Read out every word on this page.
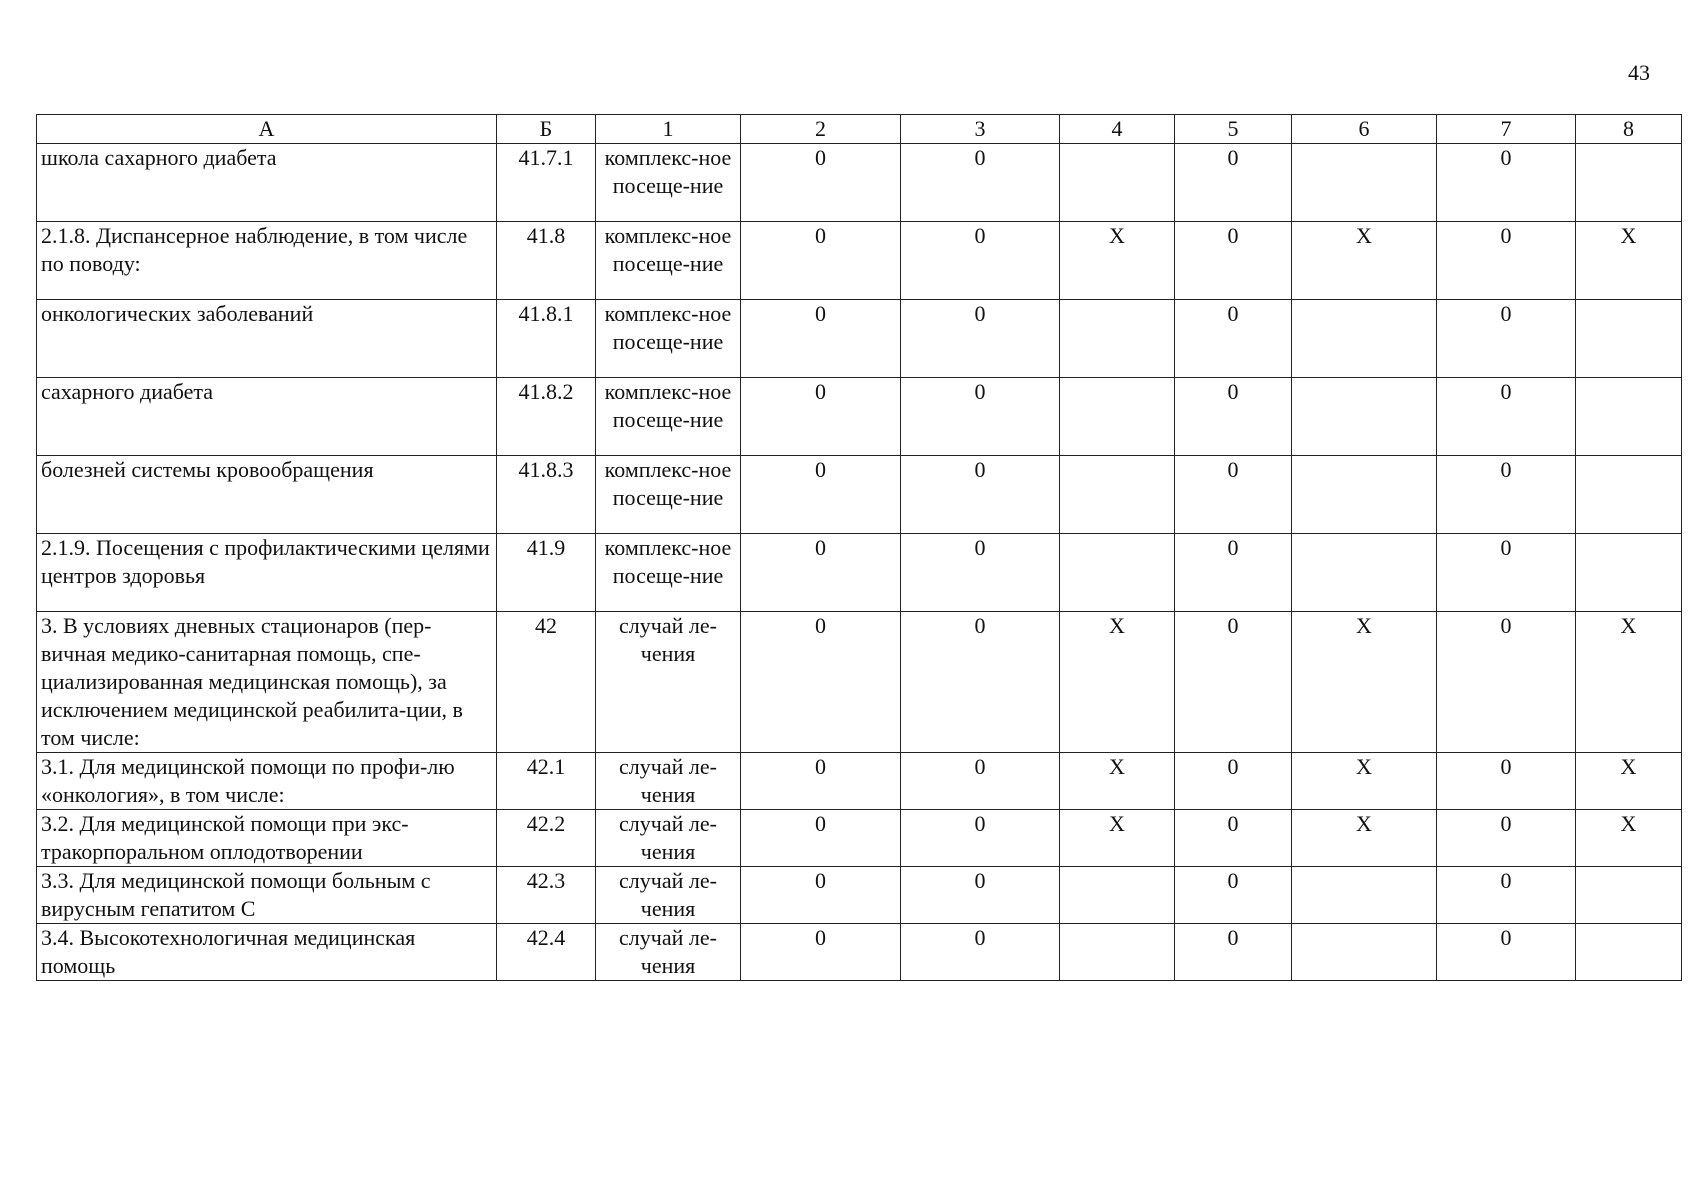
43
А	Б	1	2	3	4	5	6	7	8
школа сахарного диабета	41.7.1	комплекс-ное посеще-ние	0	0		0		0	
2.1.8. Диспансерное наблюдение, в том числе по поводу:	41.8	комплекс-ное посеще-ние	0	0	X	0	X	0	X
онкологических заболеваний	41.8.1	комплекс-ное посеще-ние	0	0		0		0	
сахарного диабета	41.8.2	комплекс-ное посеще-ние	0	0		0		0	
болезней системы кровообращения	41.8.3	комплекс-ное посеще-ние	0	0		0		0	
2.1.9. Посещения с профилактическими целями центров здоровья	41.9	комплекс-ное посеще-ние	0	0		0		0	
3. В условиях дневных стационаров (пер-вичная медико-санитарная помощь, спе-циализированная медицинская помощь), за исключением медицинской реабилита-ции, в том числе:	42	случай ле-чения	0	0	X	0	X	0	X
3.1. Для медицинской помощи по профи-лю «онкология», в том числе:	42.1	случай ле-чения	0	0	X	0	X	0	X
3.2. Для медицинской помощи при экс-тракорпоральном оплодотворении	42.2	случай ле-чения	0	0	X	0	X	0	X
3.3. Для медицинской помощи больным с вирусным гепатитом С	42.3	случай ле-чения	0	0		0		0	
3.4. Высокотехнологичная медицинская помощь	42.4	случай ле-чения	0	0		0		0	
